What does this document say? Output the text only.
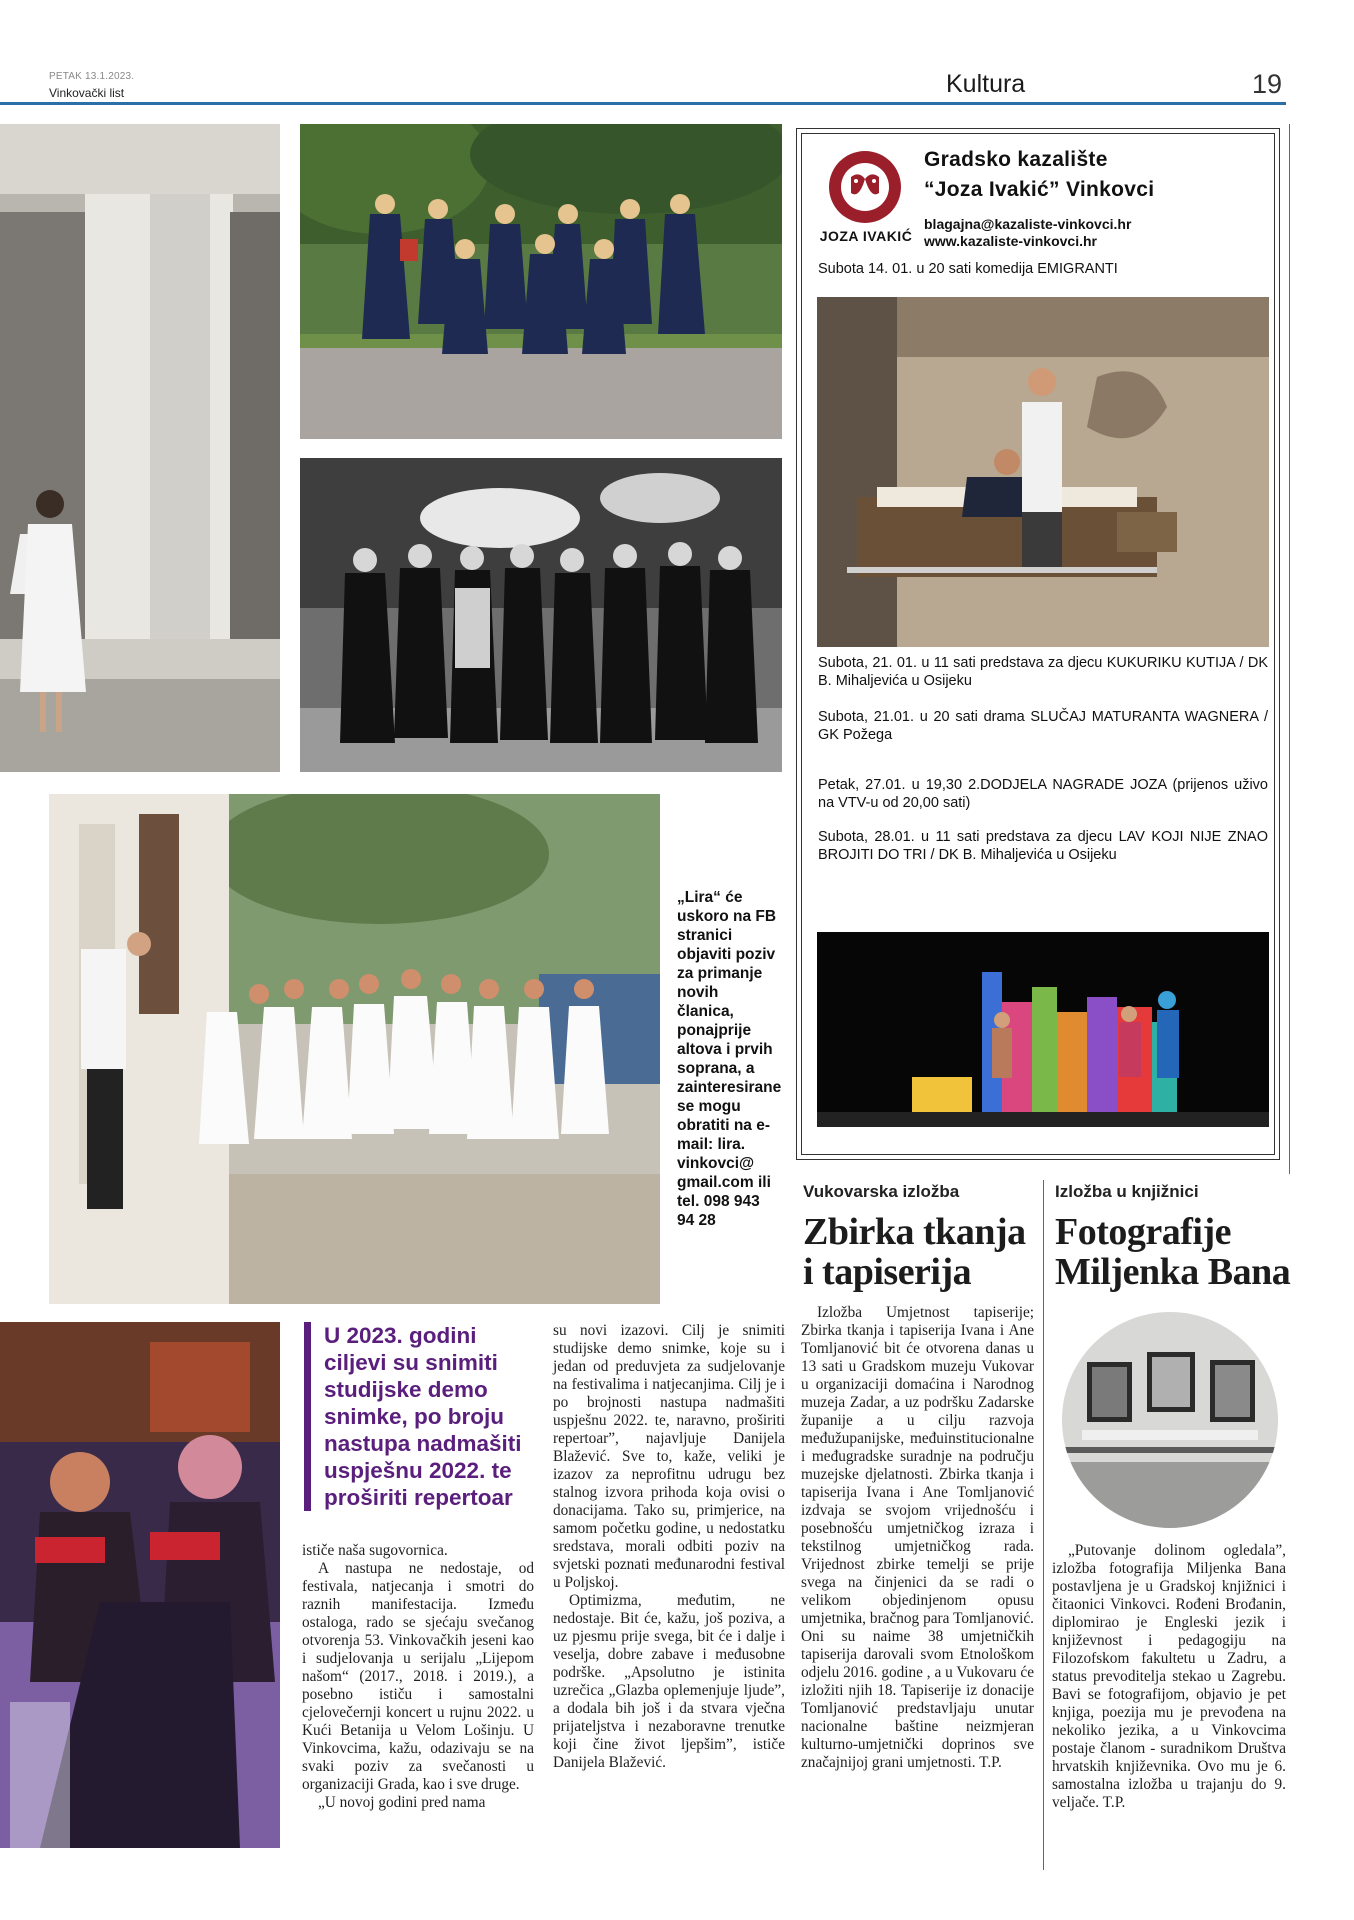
PETAK 13.1.2023.
Vinkovački list	Kultura	19
„Lira“ će uskoro na FB stranici objaviti poziv za primanje novih članica, ponajprije altova i prvih soprana, a zainteresirane se mogu obratiti na e-mail: lira. vinkovci@ gmail.com ili tel. 098 943 94 28
U 2023. godini ciljevi su snimiti studijske demo snimke, po broju nastupa nadmašiti uspješnu 2022. te proširiti repertoar

ističe naša sugovornica.

A nastupa ne nedostaje, od festivala, natjecanja i smotri do raznih manifestacija. Između ostaloga, rado se sjećaju svečanog otvorenja 53. Vinkovačkih jeseni kao i sudjelovanja u serijalu „Lijepom našom“ (2017., 2018. i 2019.), a posebno ističu i samostalni cjelovečernji koncert u rujnu 2022. u Kući Betanija u Velom Lošinju. U Vinkovcima, kažu, odazivaju se na svaki poziv za svečanosti u organizaciji Grada, kao i sve druge.

„U novoj godini pred nama

su novi izazovi. Cilj je snimiti studijske demo snimke, koje su i jedan od preduvjeta za sudjelovanje na festivalima i natjecanjima. Cilj je i po brojnosti nastupa nadmašiti uspješnu 2022. te, naravno, proširiti repertoar”, najavljuje Danijela Blažević. Sve to, kaže, veliki je izazov za neprofitnu udrugu bez stalnog izvora prihoda koja ovisi o donacijama. Tako su, primjerice, na samom početku godine, u nedostatku sredstava, morali odbiti poziv na svjetski poznati međunarodni festival u Poljskoj.

Optimizma, međutim, ne nedostaje. Bit će, kažu, još poziva, a uz pjesmu prije svega, bit će i dalje i veselja, dobre zabave i međusobne podrške. „Apsolutno je istinita uzrečica „Glazba oplemenjuje ljude”, a dodala bih još i da stvara vječna prijateljstva i nezaboravne trenutke koji čine život ljepšim”, ističe Danijela Blažević.

JOZA IVAKIĆ
Gradsko kazalište
“Joza Ivakić” Vinkovci
blagajna@kazaliste-vinkovci.hr
www.kazaliste-vinkovci.hr
Subota 14. 01. u 20 sati komedija EMIGRANTI
Subota, 21. 01. u 11 sati predstava za djecu KUKURIKU KUTIJA / DK B. Mihaljevića u Osijeku
Subota, 21.01. u 20 sati drama SLUČAJ MATURANTA WAGNERA / GK Požega
Petak, 27.01. u 19,30 2.DODJELA NAGRADE JOZA (prijenos uživo na VTV-u od 20,00 sati)
Subota, 28.01. u 11 sati predstava za djecu LAV KOJI NIJE ZNAO BROJITI DO TRI / DK B. Mihaljevića u Osijeku
Vukovarska izložba
Zbirka tkanja
i tapiserija

Izložba Umjetnost tapiserije; Zbirka tkanja i tapiserija Ivana i Ane Tomljanović bit će otvorena danas u 13 sati u Gradskom muzeju Vukovar u organizaciji domaćina i Narodnog muzeja Zadar, a uz podršku Zadarske županije a u cilju razvoja međužupanijske, međuinstitucionalne i međugradske suradnje na području muzejske djelatnosti. Zbirka tkanja i tapiserija Ivana i Ane Tomljanović izdvaja se svojom vrijednošću i posebnošću umjetničkog izraza i tekstilnog umjetničkog rada. Vrijednost zbirke temelji se prije svega na činjenici da se radi o velikom objedinjenom opusu umjetnika, bračnog para Tomljanović. Oni su naime 38 umjetničkih tapiserija darovali svom Etnološkom odjelu 2016. godine , a u Vukovaru će izložiti njih 18. Tapiserije iz donacije Tomljanović predstavljaju unutar nacionalne baštine neizmjeran kulturno-umjetnički doprinos sve značajnijoj grani umjetnosti. T.P.

Izložba u knjižnici
Fotografije
Miljenka Bana

„Putovanje dolinom ogledala”, izložba fotografija Miljenka Bana postavljena je u Gradskoj knjižnici i čitaonici Vinkovci. Rođeni Brođanin, diplomirao je Engleski jezik i književnost i pedagogiju na Filozofskom fakultetu u Zadru, a status prevoditelja stekao u Zagrebu. Bavi se fotografijom, objavio je pet knjiga, poezija mu je prevođena na nekoliko jezika, a u Vinkovcima postaje članom - suradnikom Društva hrvatskih književnika. Ovo mu je 6. samostalna izložba u trajanju do 9. veljače. T.P.
